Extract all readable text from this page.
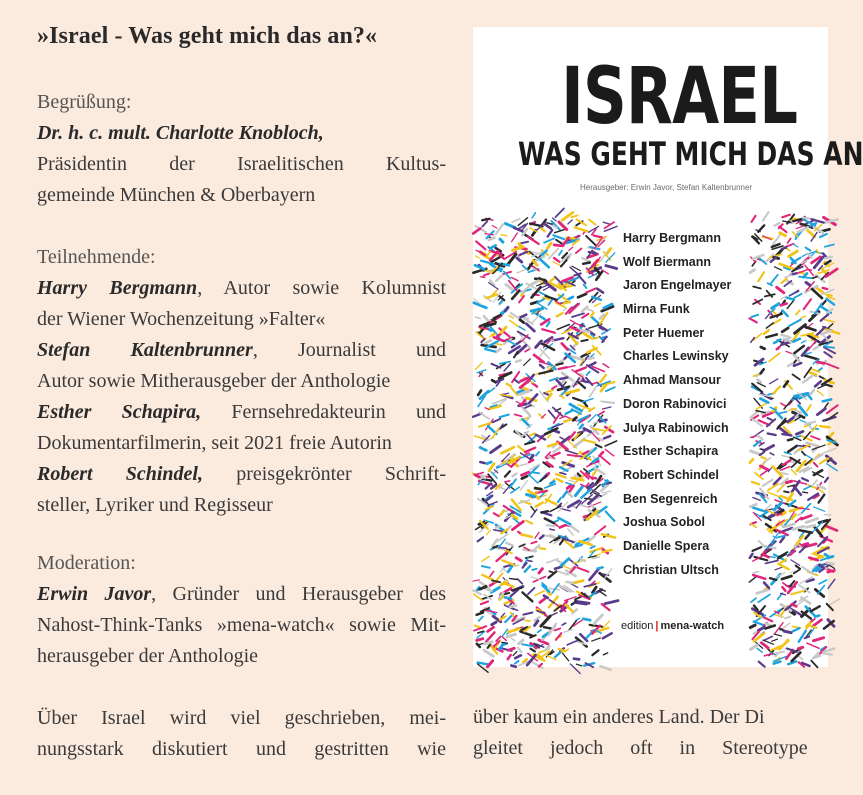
»Israel - Was geht mich das an?«

Begrüßung:

Dr. h. c. mult. Charlotte Knobloch,

Präsidentin der Israelitischen Kultus-

gemeinde München & Oberbayern

Teilnehmende:

Harry Bergmann, Autor sowie Kolumnist

der Wiener Wochenzeitung »Falter«

Stefan Kaltenbrunner, Journalist und

Autor sowie Mitherausgeber der Anthologie

Esther Schapira, Fernsehredakteurin und

Dokumentarfilmerin, seit 2021 freie Autorin

Robert Schindel, preisgekrönter Schrift-

steller, Lyriker und Regisseur

Moderation:

Erwin Javor, Gründer und Herausgeber des

Nahost-Think-Tanks »mena-watch« sowie Mit-

herausgeber der Anthologie

Über Israel wird viel geschrieben, mei-

nungsstark diskutiert und gestritten wie

ISRAEL
WAS GEHT MICH DAS AN
Herausgeber: Erwin Javor, Stefan Kaltenbrunner
Harry Bergmann
Wolf Biermann
Jaron Engelmayer
Mirna Funk
Peter Huemer
Charles Lewinsky
Ahmad Mansour
Doron Rabinovici
Julya Rabinowich
Esther Schapira
Robert Schindel
Ben Segenreich
Joshua Sobol
Danielle Spera
Christian Ultsch
edition | mena-watch

über kaum ein anderes Land. Der Di

gleitet jedoch oft in Stereotype
